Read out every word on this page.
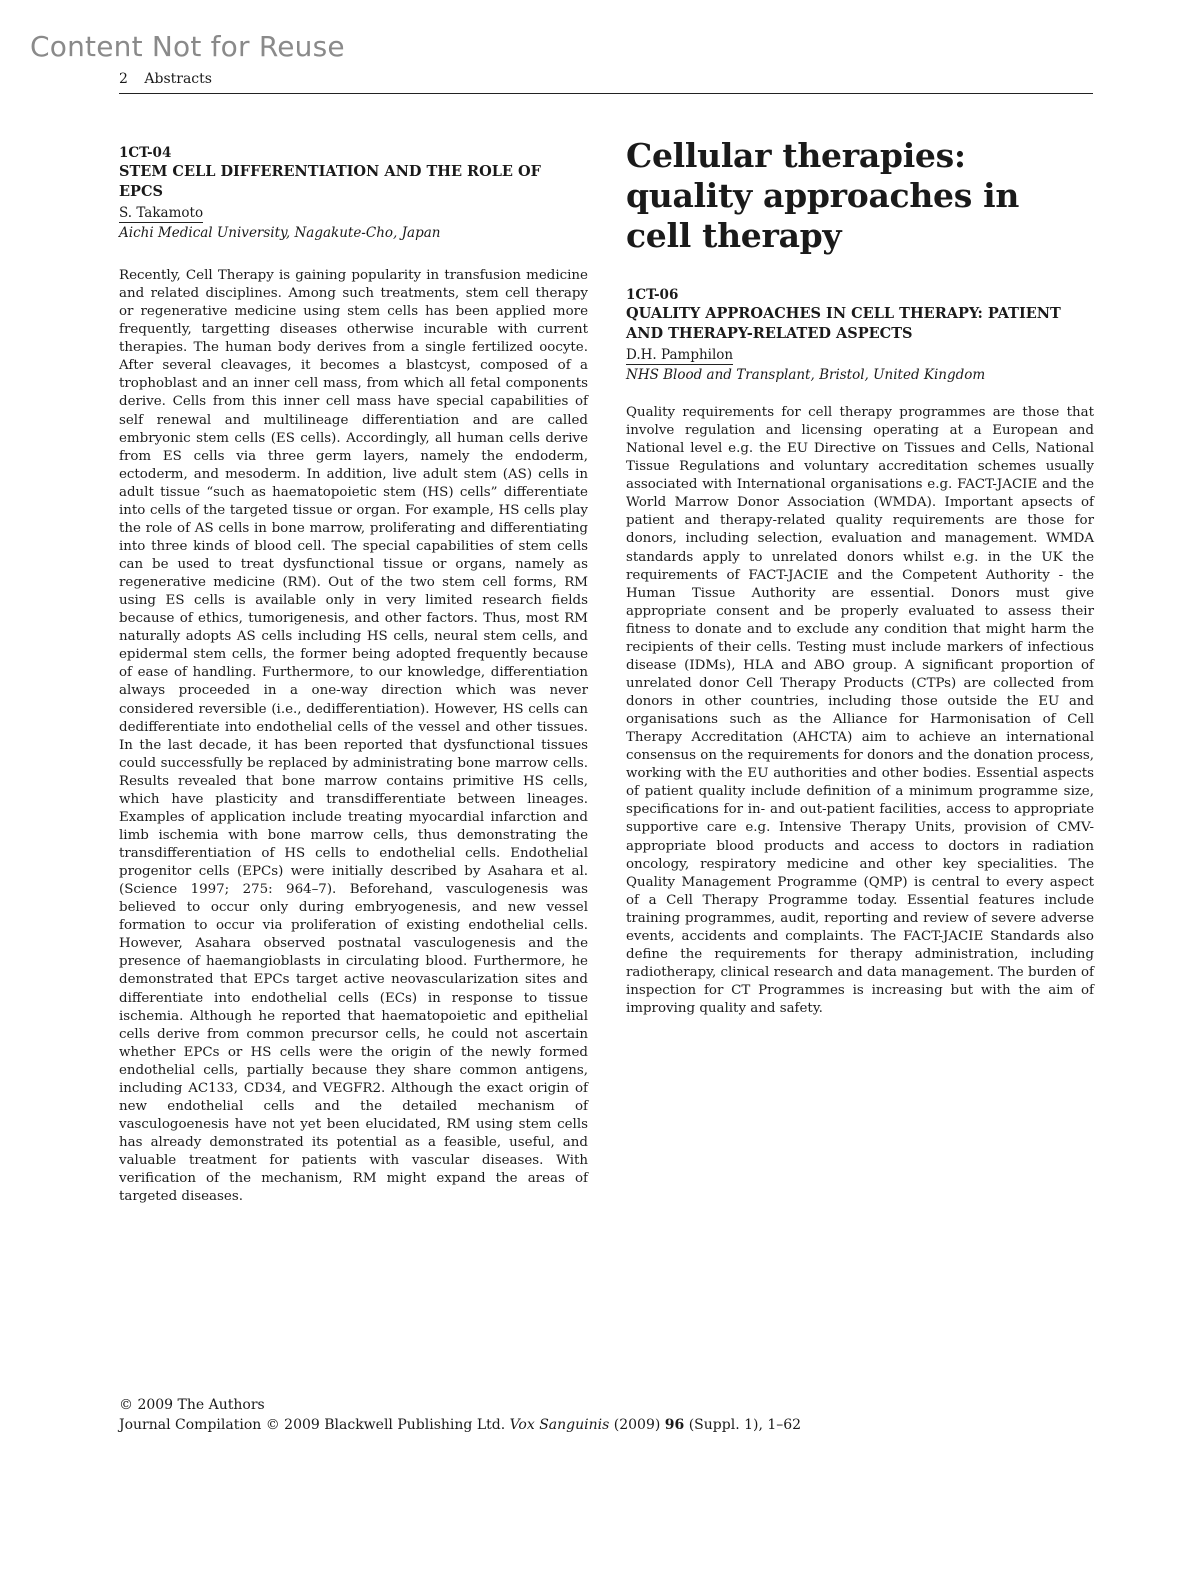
Content Not for Reuse
2 Abstracts
1CT-04
STEM CELL DIFFERENTIATION AND THE ROLE OF EPCS
S. Takamoto
Aichi Medical University, Nagakute-Cho, Japan

Recently, Cell Therapy is gaining popularity in transfusion medicine and related disciplines. Among such treatments, stem cell therapy or regenerative medicine using stem cells has been applied more frequently, targetting diseases otherwise incurable with current therapies. The human body derives from a single fertilized oocyte. After several cleavages, it becomes a blastcyst, composed of a trophoblast and an inner cell mass, from which all fetal components derive. Cells from this inner cell mass have special capabilities of self renewal and multilineage differentiation and are called embryonic stem cells (ES cells). Accordingly, all human cells derive from ES cells via three germ layers, namely the endoderm, ectoderm, and mesoderm. In addition, live adult stem (AS) cells in adult tissue “such as haematopoietic stem (HS) cells” differentiate into cells of the targeted tissue or organ. For example, HS cells play the role of AS cells in bone marrow, proliferating and differentiating into three kinds of blood cell. The special capabilities of stem cells can be used to treat dysfunctional tissue or organs, namely as regenerative medicine (RM). Out of the two stem cell forms, RM using ES cells is available only in very limited research fields because of ethics, tumorigenesis, and other factors. Thus, most RM naturally adopts AS cells including HS cells, neural stem cells, and epidermal stem cells, the former being adopted frequently because of ease of handling. Furthermore, to our knowledge, differentiation always proceeded in a one-way direction which was never considered reversible (i.e., dedifferentiation). However, HS cells can dedifferentiate into endothelial cells of the vessel and other tissues. In the last decade, it has been reported that dysfunctional tissues could successfully be replaced by administrating bone marrow cells. Results revealed that bone marrow contains primitive HS cells, which have plasticity and transdifferentiate between lineages. Examples of application include treating myocardial infarction and limb ischemia with bone marrow cells, thus demonstrating the transdifferentiation of HS cells to endothelial cells. Endothelial progenitor cells (EPCs) were initially described by Asahara et al. (Science 1997; 275: 964–7). Beforehand, vasculogenesis was believed to occur only during embryogenesis, and new vessel formation to occur via proliferation of existing endothelial cells. However, Asahara observed postnatal vasculogenesis and the presence of haemangioblasts in circulating blood. Furthermore, he demonstrated that EPCs target active neovascularization sites and differentiate into endothelial cells (ECs) in response to tissue ischemia. Although he reported that haematopoietic and epithelial cells derive from common precursor cells, he could not ascertain whether EPCs or HS cells were the origin of the newly formed endothelial cells, partially because they share common antigens, including AC133, CD34, and VEGFR2. Although the exact origin of new endothelial cells and the detailed mechanism of vasculogoenesis have not yet been elucidated, RM using stem cells has already demonstrated its potential as a feasible, useful, and valuable treatment for patients with vascular diseases. With verification of the mechanism, RM might expand the areas of targeted diseases.

Cellular therapies: quality approaches in cell therapy
1CT-06
QUALITY APPROACHES IN CELL THERAPY: PATIENT AND THERAPY-RELATED ASPECTS
D.H. Pamphilon
NHS Blood and Transplant, Bristol, United Kingdom

Quality requirements for cell therapy programmes are those that involve regulation and licensing operating at a European and National level e.g. the EU Directive on Tissues and Cells, National Tissue Regulations and voluntary accreditation schemes usually associated with International organisations e.g. FACT-JACIE and the World Marrow Donor Association (WMDA). Important apsects of patient and therapy-related quality requirements are those for donors, including selection, evaluation and management. WMDA standards apply to unrelated donors whilst e.g. in the UK the requirements of FACT-JACIE and the Competent Authority - the Human Tissue Authority are essential. Donors must give appropriate consent and be properly evaluated to assess their fitness to donate and to exclude any condition that might harm the recipients of their cells. Testing must include markers of infectious disease (IDMs), HLA and ABO group. A significant proportion of unrelated donor Cell Therapy Products (CTPs) are collected from donors in other countries, including those outside the EU and organisations such as the Alliance for Harmonisation of Cell Therapy Accreditation (AHCTA) aim to achieve an international consensus on the requirements for donors and the donation process, working with the EU authorities and other bodies. Essential aspects of patient quality include definition of a minimum programme size, specifications for in- and out-patient facilities, access to appropriate supportive care e.g. Intensive Therapy Units, provision of CMV-appropriate blood products and access to doctors in radiation oncology, respiratory medicine and other key specialities. The Quality Management Programme (QMP) is central to every aspect of a Cell Therapy Programme today. Essential features include training programmes, audit, reporting and review of severe adverse events, accidents and complaints. The FACT-JACIE Standards also define the requirements for therapy administration, including radiotherapy, clinical research and data management. The burden of inspection for CT Programmes is increasing but with the aim of improving quality and safety.

© 2009 The Authors
Journal Compilation © 2009 Blackwell Publishing Ltd. Vox Sanguinis (2009) 96 (Suppl. 1), 1–62
